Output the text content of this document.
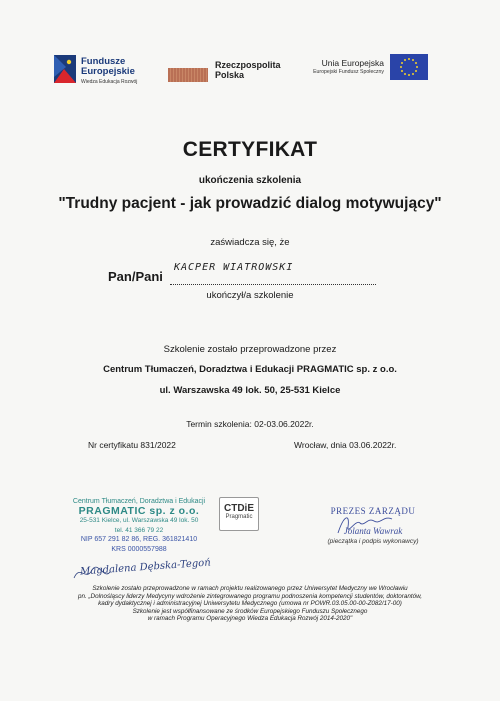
Fundusze
Europejskie
Wiedza Edukacja Rozwój
Rzeczpospolita
Polska
Unia Europejska
Europejski Fundusz Społeczny
CERTYFIKAT
ukończenia szkolenia
"Trudny pacjent - jak prowadzić dialog motywujący"
zaświadcza się, że
Pan/Pani
KACPER WIATROWSKI
ukończył/a szkolenie
Szkolenie zostało przeprowadzone przez
Centrum Tłumaczeń, Doradztwa i Edukacji PRAGMATIC sp. z o.o.
ul. Warszawska 49 lok. 50, 25-531 Kielce
Termin szkolenia: 02-03.06.2022r.
Nr certyfikatu 831/2022	Wrocław, dnia 03.06.2022r.
Centrum Tłumaczeń, Doradztwa i Edukacji
PRAGMATIC sp. z o.o.
25-531 Kielce, ul. Warszawska 49 lok. 50
tel. 41 366 79 22
NIP 657 291 82 86, REG. 361821410
KRS 0000557988
CTDiE
Pragmatic
PREZES ZARZĄDU
Jolanta Wawrak
(pieczątka i podpis wykonawcy)
Magdalena Dębska-Tegoń
Szkolenie zostało przeprowadzone w ramach projektu realizowanego przez Uniwersytet Medyczny we Wrocławiu
pn. „Dolnośląscy liderzy Medycyny wdrożenie zintegrowanego programu podnoszenia kompetencji studentów, doktorantów,
kadry dydaktycznej i administracyjnej Uniwersytetu Medycznego (umowa nr POWR.03.05.00-00-Z082/17-00)
Szkolenie jest współfinansowane ze środków Europejskiego Funduszu Społecznego
w ramach Programu Operacyjnego Wiedza Edukacja Rozwój 2014-2020"
